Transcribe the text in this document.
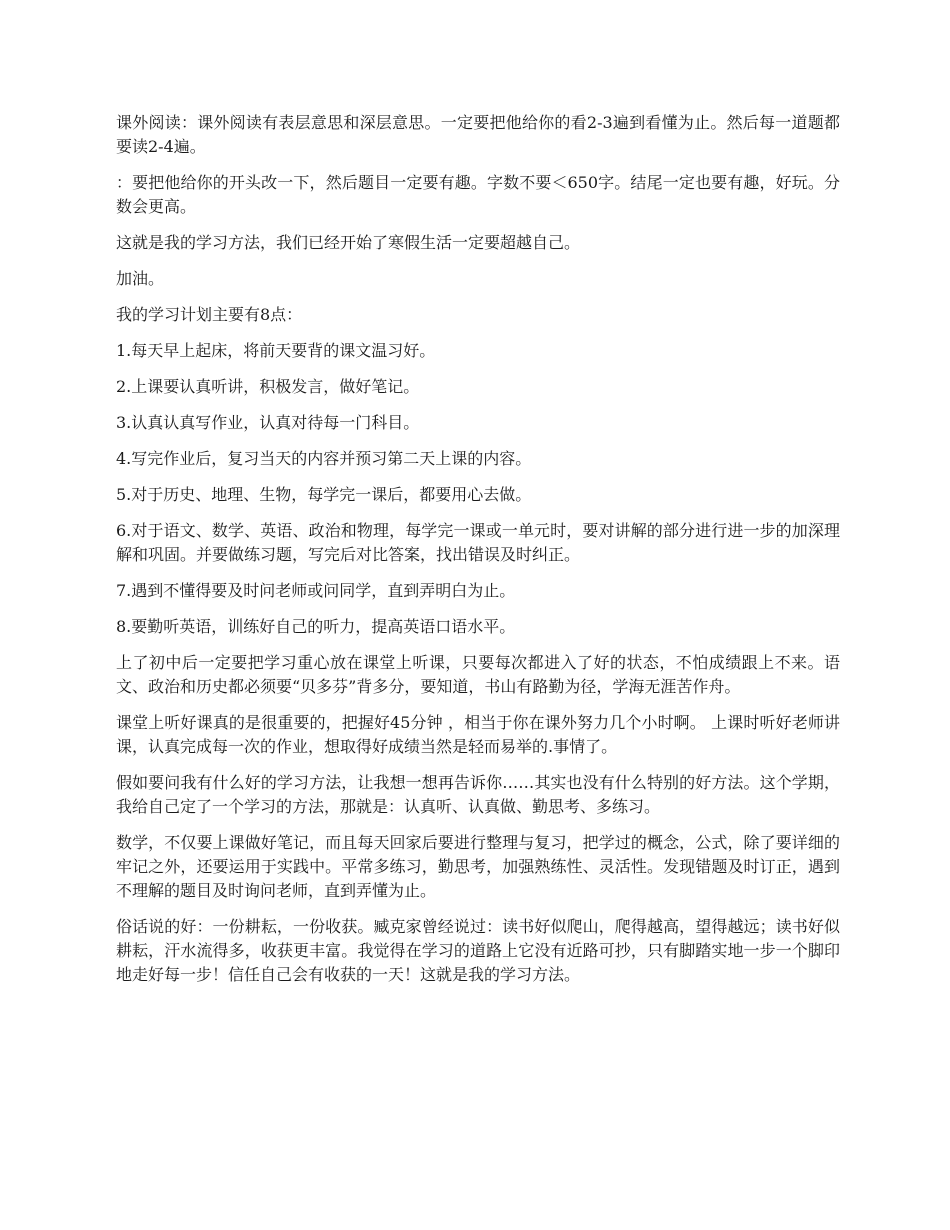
课外阅读：课外阅读有表层意思和深层意思。一定要把他给你的看2-3遍到看懂为止。然后每一道题都要读2-4遍。

：要把他给你的开头改一下，然后题目一定要有趣。字数不要＜650字。结尾一定也要有趣，好玩。分数会更高。

这就是我的学习方法，我们已经开始了寒假生活一定要超越自己。

加油。

我的学习计划主要有8点：

1.每天早上起床，将前天要背的课文温习好。

2.上课要认真听讲，积极发言，做好笔记。

3.认真认真写作业，认真对待每一门科目。

4.写完作业后，复习当天的内容并预习第二天上课的内容。

5.对于历史、地理、生物，每学完一课后，都要用心去做。

6.对于语文、数学、英语、政治和物理，每学完一课或一单元时，要对讲解的部分进行进一步的加深理解和巩固。并要做练习题，写完后对比答案，找出错误及时纠正。

7.遇到不懂得要及时问老师或问同学，直到弄明白为止。

8.要勤听英语，训练好自己的听力，提高英语口语水平。

上了初中后一定要把学习重心放在课堂上听课，只要每次都进入了好的状态，不怕成绩跟上不来。语文、政治和历史都必须要“贝多芬”背多分，要知道，书山有路勤为径，学海无涯苦作舟。

课堂上听好课真的是很重要的，把握好45分钟 ，相当于你在课外努力几个小时啊。 上课时听好老师讲课，认真完成每一次的作业，想取得好成绩当然是轻而易举的.事情了。

假如要问我有什么好的学习方法，让我想一想再告诉你……其实也没有什么特别的好方法。这个学期，我给自己定了一个学习的方法，那就是：认真听、认真做、勤思考、多练习。

数学，不仅要上课做好笔记，而且每天回家后要进行整理与复习，把学过的概念，公式，除了要详细的牢记之外，还要运用于实践中。平常多练习，勤思考，加强熟练性、灵活性。发现错题及时订正，遇到不理解的题目及时询问老师，直到弄懂为止。

俗话说的好：一份耕耘，一份收获。臧克家曾经说过：读书好似爬山，爬得越高，望得越远；读书好似耕耘，汗水流得多，收获更丰富。我觉得在学习的道路上它没有近路可抄，只有脚踏实地一步一个脚印地走好每一步！信任自己会有收获的一天！这就是我的学习方法。
